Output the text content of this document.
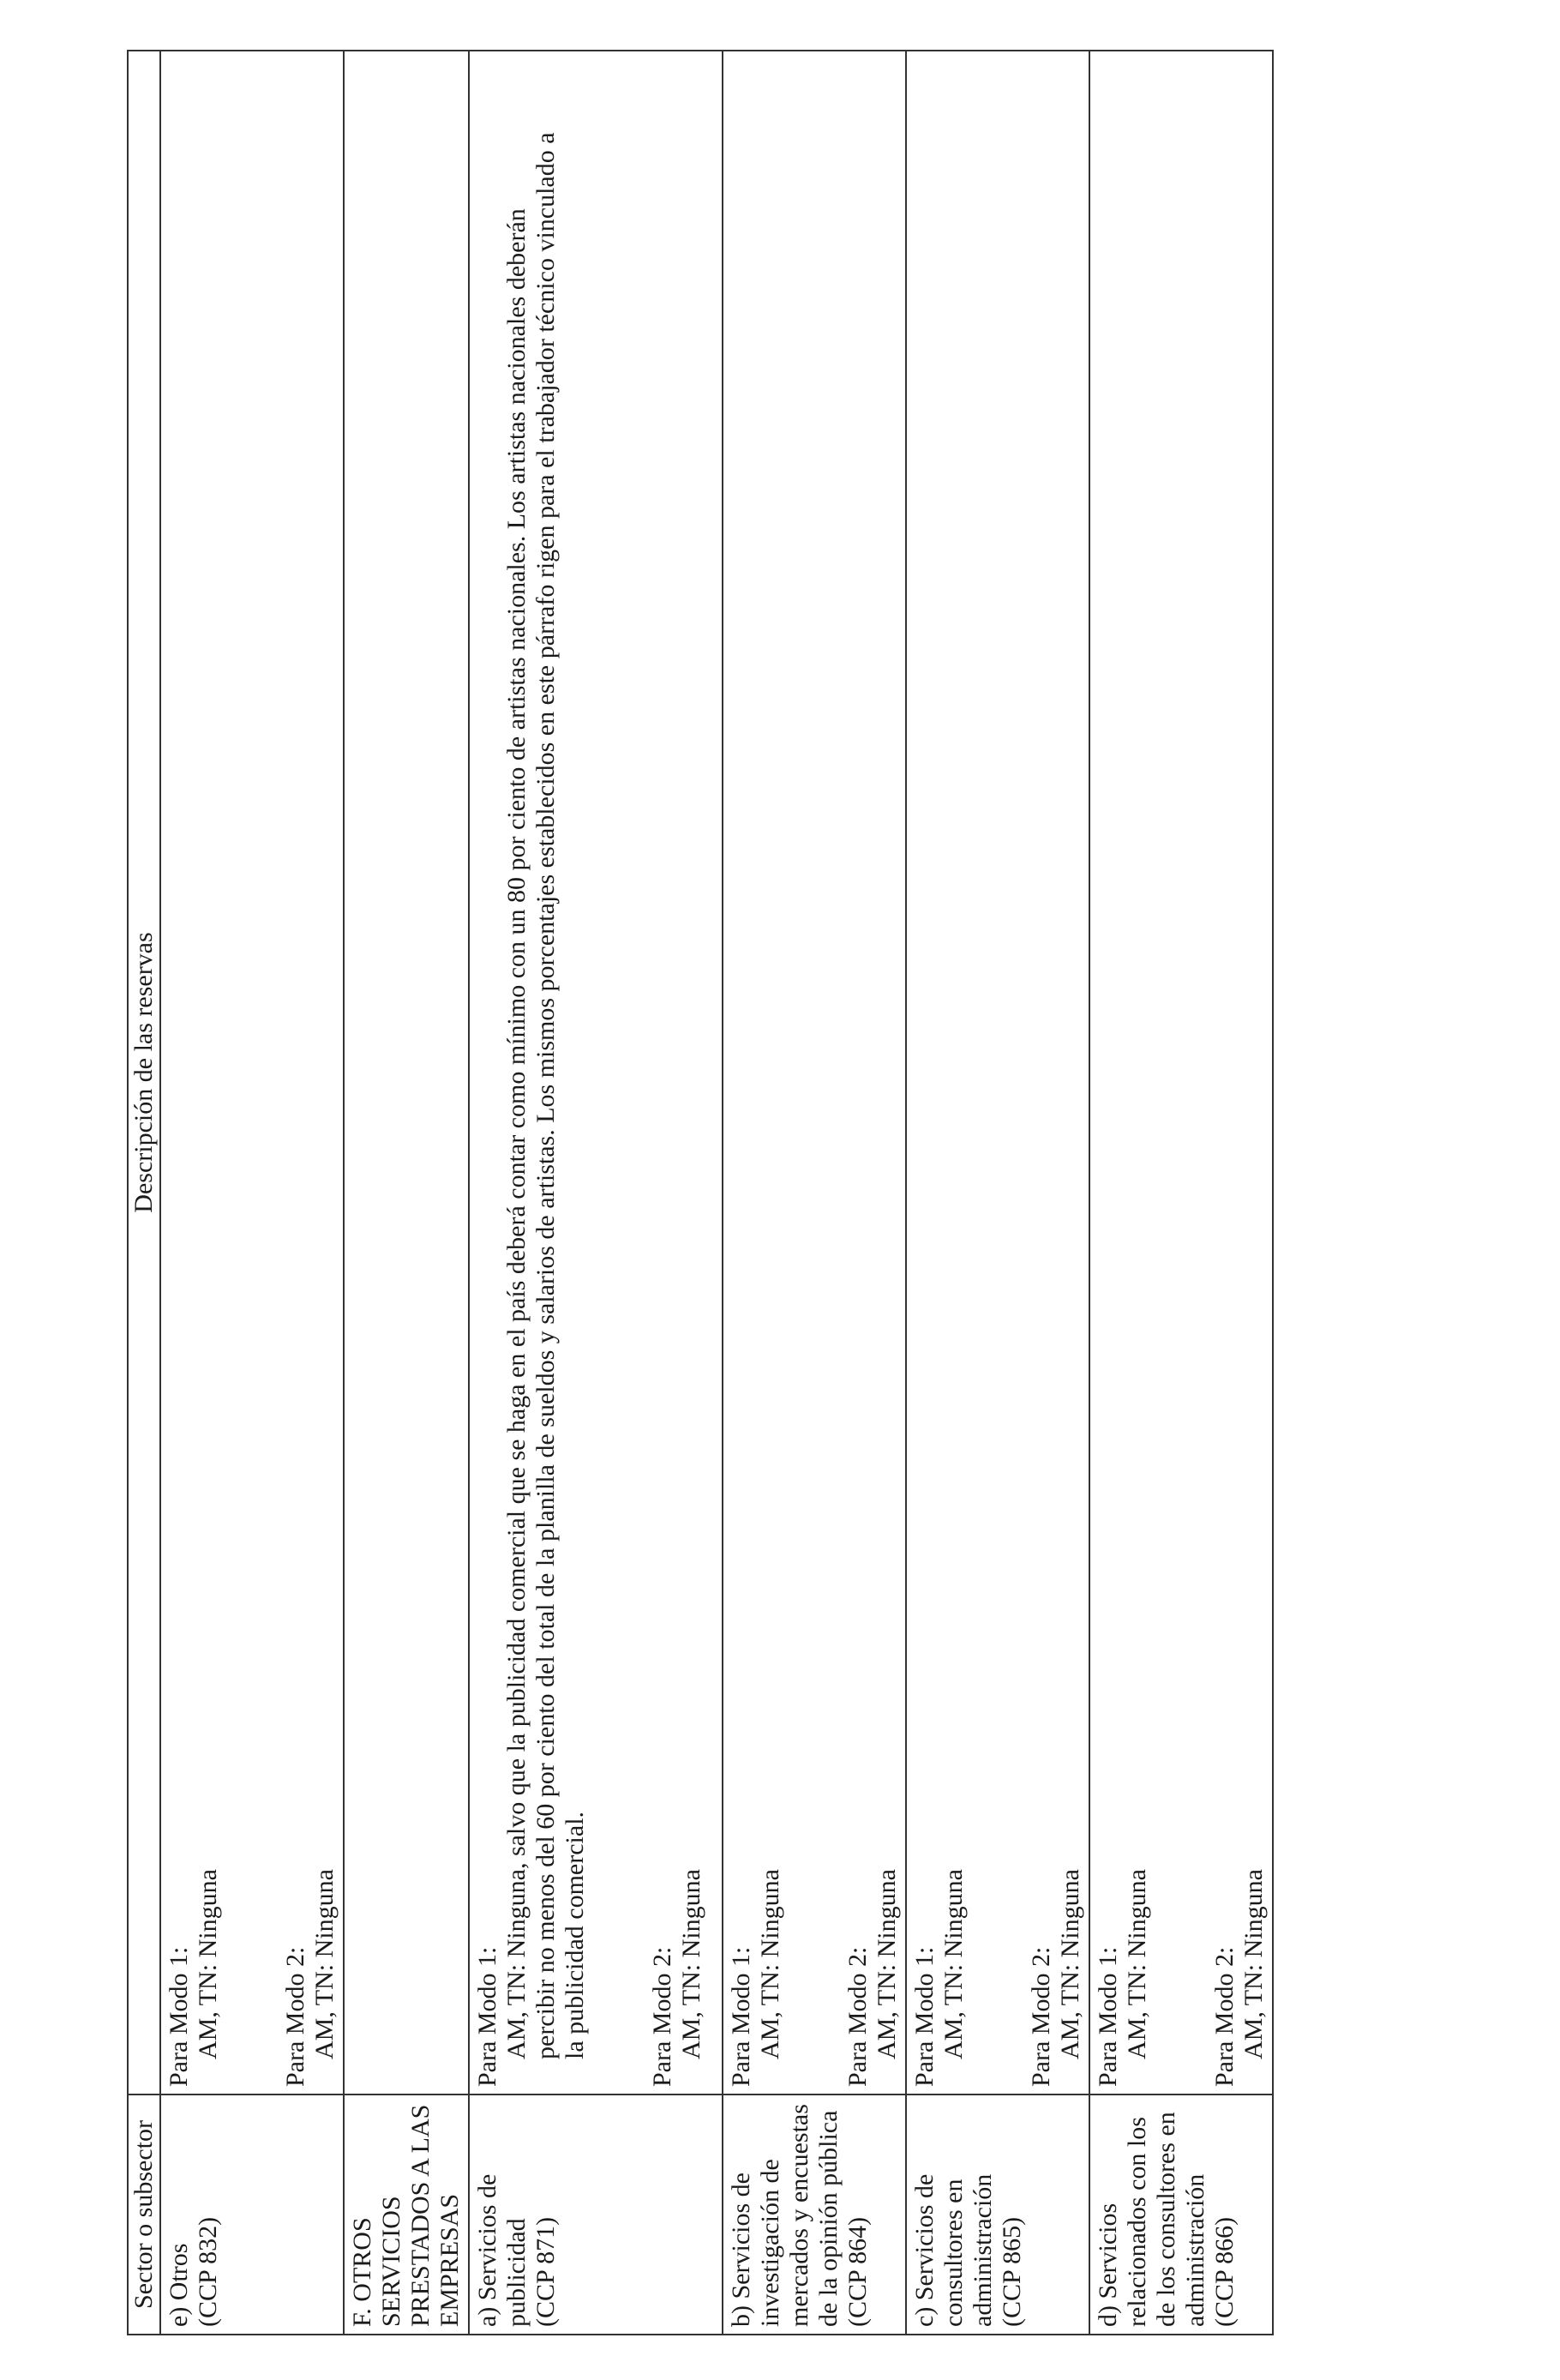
Sector o subsector	Descripción de las reservas

e) Otros (CCP 832)	Para Modo 1: AM, TN: Ninguna Para Modo 2: AM, TN: Ninguna

F. OTROS SERVICIOS PRESTADOS A LAS EMPRESAS	

a) Servicios de publicidad (CCP 871)	Para Modo 1: AM, TN: Ninguna, salvo que la publicidad comercial que se haga en el país deberá contar como mínimo con un 80 por ciento de artistas nacionales. Los artistas nacionales deberán percibir no menos del 60 por ciento del total de la planilla de sueldos y salarios de artistas. Los mismos porcentajes establecidos en este párrafo rigen para el trabajador técnico vinculado a la publicidad comercial. Para Modo 2: AM, TN: Ninguna

b) Servicios de investigación de mercados y encuestas de la opinión pública (CCP 864)	Para Modo 1: AM, TN: Ninguna Para Modo 2: AM, TN: Ninguna

c) Servicios de consultores en administración (CCP 865)	Para Modo 1: AM, TN: Ninguna Para Modo 2: AM, TN: Ninguna

d) Servicios relacionados con los de los consultores en administración (CCP 866)	Para Modo 1: AM, TN: Ninguna Para Modo 2: AM, TN: Ninguna
